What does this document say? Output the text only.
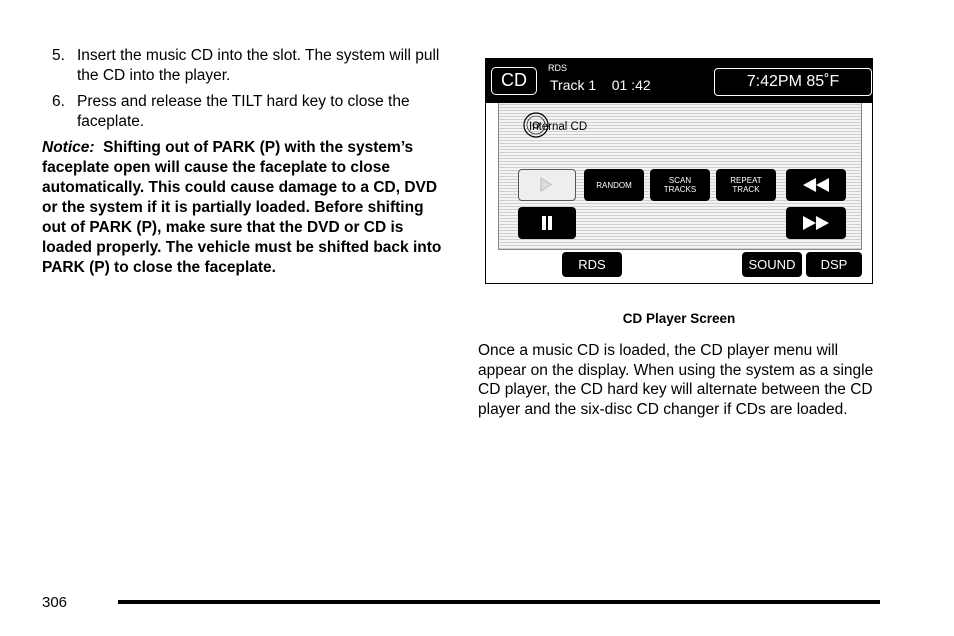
5. Insert the music CD into the slot. The system will pull the CD into the player.
6. Press and release the TILT hard key to close the faceplate.
Notice: Shifting out of PARK (P) with the system’s faceplate open will cause the faceplate to close automatically. This could cause damage to a CD, DVD or the system if it is partially loaded. Before shifting out of PARK (P), make sure that the DVD or CD is loaded properly. The vehicle must be shifted back into PARK (P) to close the faceplate.
CD
RDS
Track 1    01 :42	7:42PM 85˚F
Internal CD
RANDOM	SCAN
TRACKS
REPEAT
TRACK
RDS	SOUND	DSP
CD Player Screen
Once a music CD is loaded, the CD player menu will appear on the display. When using the system as a single CD player, the CD hard key will alternate between the CD player and the six-disc CD changer if CDs are loaded.
306
